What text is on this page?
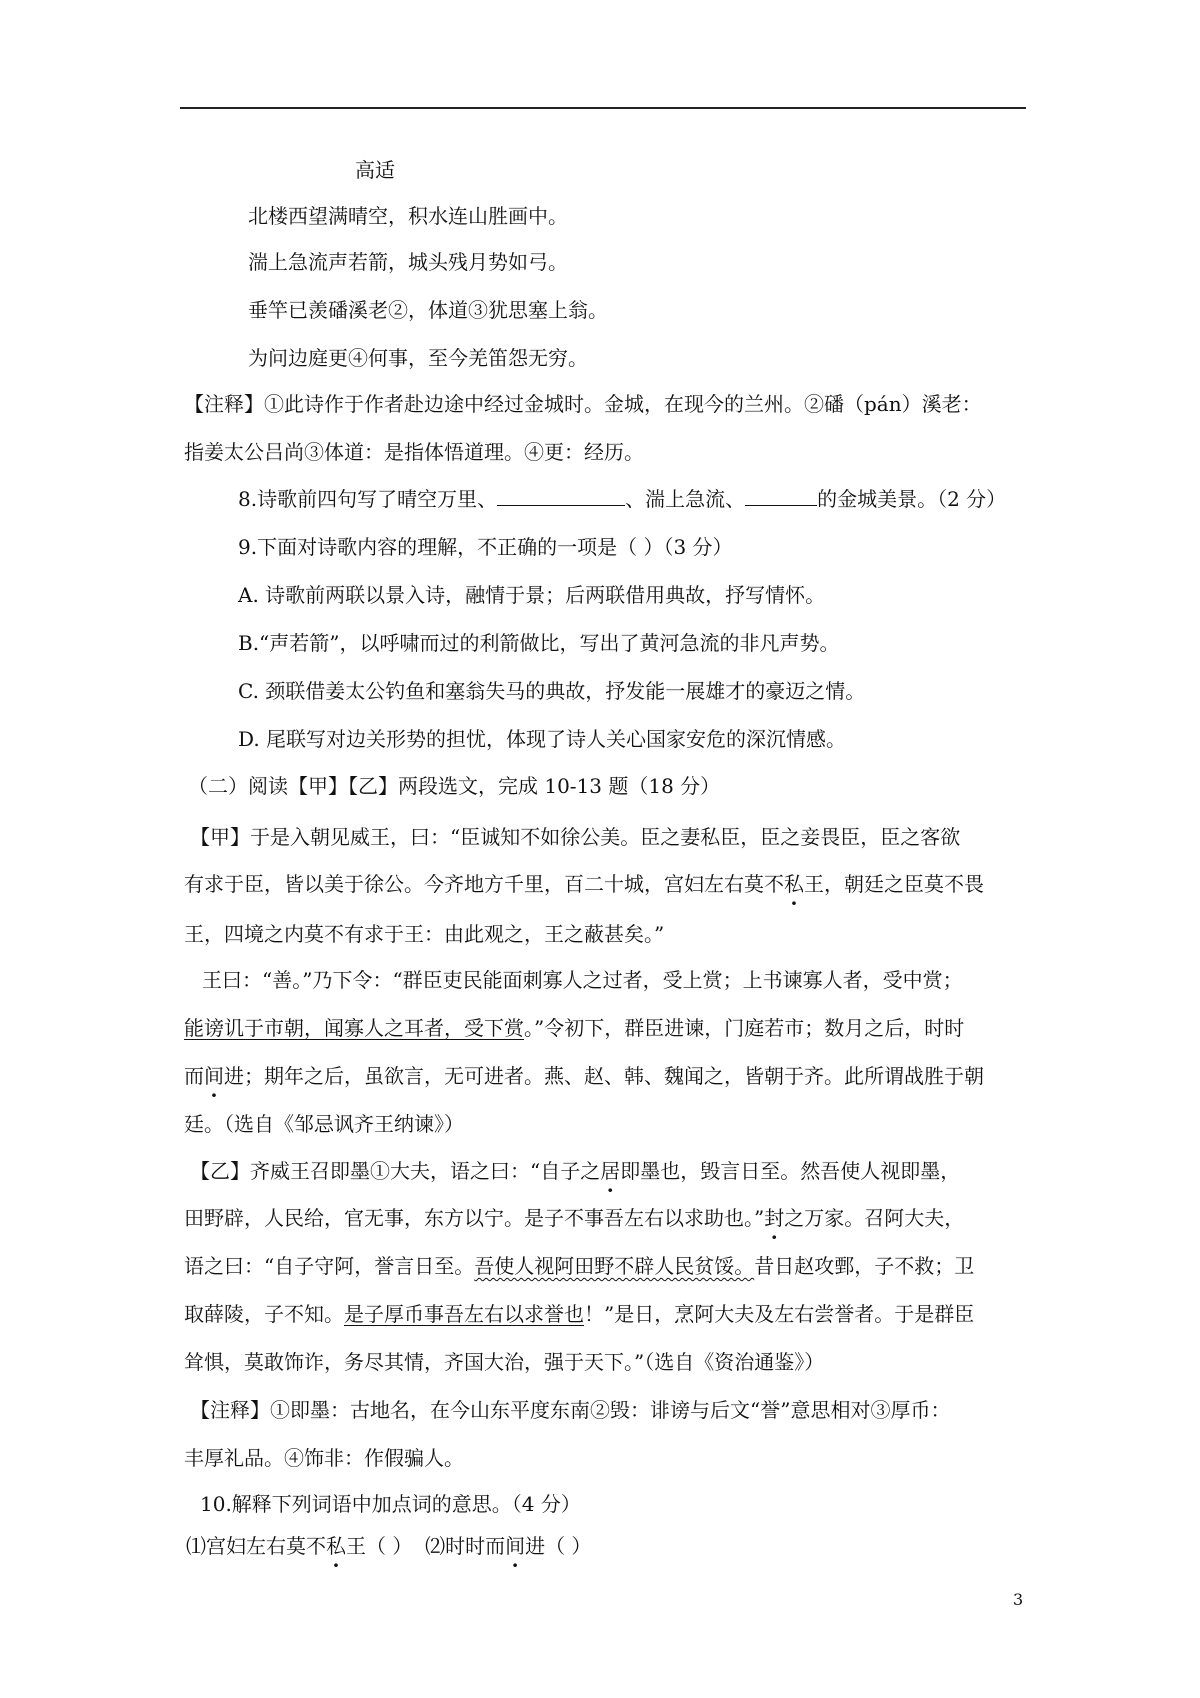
高适
北楼西望满晴空，积水连山胜画中。
湍上急流声若箭，城头残月势如弓。
垂竿已羡磻溪老②，体道③犹思塞上翁。
为问边庭更④何事，至今羌笛怨无穷。
【注释】①此诗作于作者赴边途中经过金城时。金城，在现今的兰州。②磻（pán）溪老：
指姜太公吕尚③体道：是指体悟道理。④更：经历。
8.诗歌前四句写了晴空万里、	、湍上急流、	的金城美景。（2 分）
9.下面对诗歌内容的理解，不正确的一项是（ ）（3 分）
A. 诗歌前两联以景入诗，融情于景；后两联借用典故，抒写情怀。
B.“声若箭”，以呼啸而过的利箭做比，写出了黄河急流的非凡声势。
C. 颈联借姜太公钓鱼和塞翁失马的典故，抒发能一展雄才的豪迈之情。
D. 尾联写对边关形势的担忧，体现了诗人关心国家安危的深沉情感。
（二）阅读【甲】【乙】两段选文，完成 10-13 题（18 分）
【甲】于是入朝见威王，曰：“臣诚知不如徐公美。臣之妻私臣，臣之妾畏臣，臣之客欲
有求于臣，皆以美于徐公。今齐地方千里，百二十城，宫妇左右莫不私王，朝廷之臣莫不畏
王，四境之内莫不有求于王：由此观之，王之蔽甚矣。”
王曰：“善。”乃下令：“群臣吏民能面刺寡人之过者，受上赏；上书谏寡人者，受中赏；
能谤讥于市朝，闻寡人之耳者，受下赏。”令初下，群臣进谏，门庭若市；数月之后，时时
而间进；期年之后，虽欲言，无可进者。燕、赵、韩、魏闻之，皆朝于齐。此所谓战胜于朝
廷。（选自《邹忌讽齐王纳谏》）
【乙】齐威王召即墨①大夫，语之曰：“自子之居即墨也，毁言日至。然吾使人视即墨，
田野辟，人民给，官无事，东方以宁。是子不事吾左右以求助也。”封之万家。召阿大夫，
语之曰：“自子守阿，誉言日至。吾使人视阿田野不辟人民贫馁。昔日赵攻鄄，子不救；卫
取薛陵，子不知。是子厚币事吾左右以求誉也！”是日，烹阿大夫及左右尝誉者。于是群臣
耸惧，莫敢饰诈，务尽其情，齐国大治，强于天下。”（选自《资治通鉴》）
【注释】①即墨：古地名，在今山东平度东南②毁：诽谤与后文“誉”意思相对③厚币：
丰厚礼品。④饰非：作假骗人。
10.解释下列词语中加点词的意思。（4 分）
⑴宫妇左右莫不私王（ ） ⑵时时而间进（ ）
3
